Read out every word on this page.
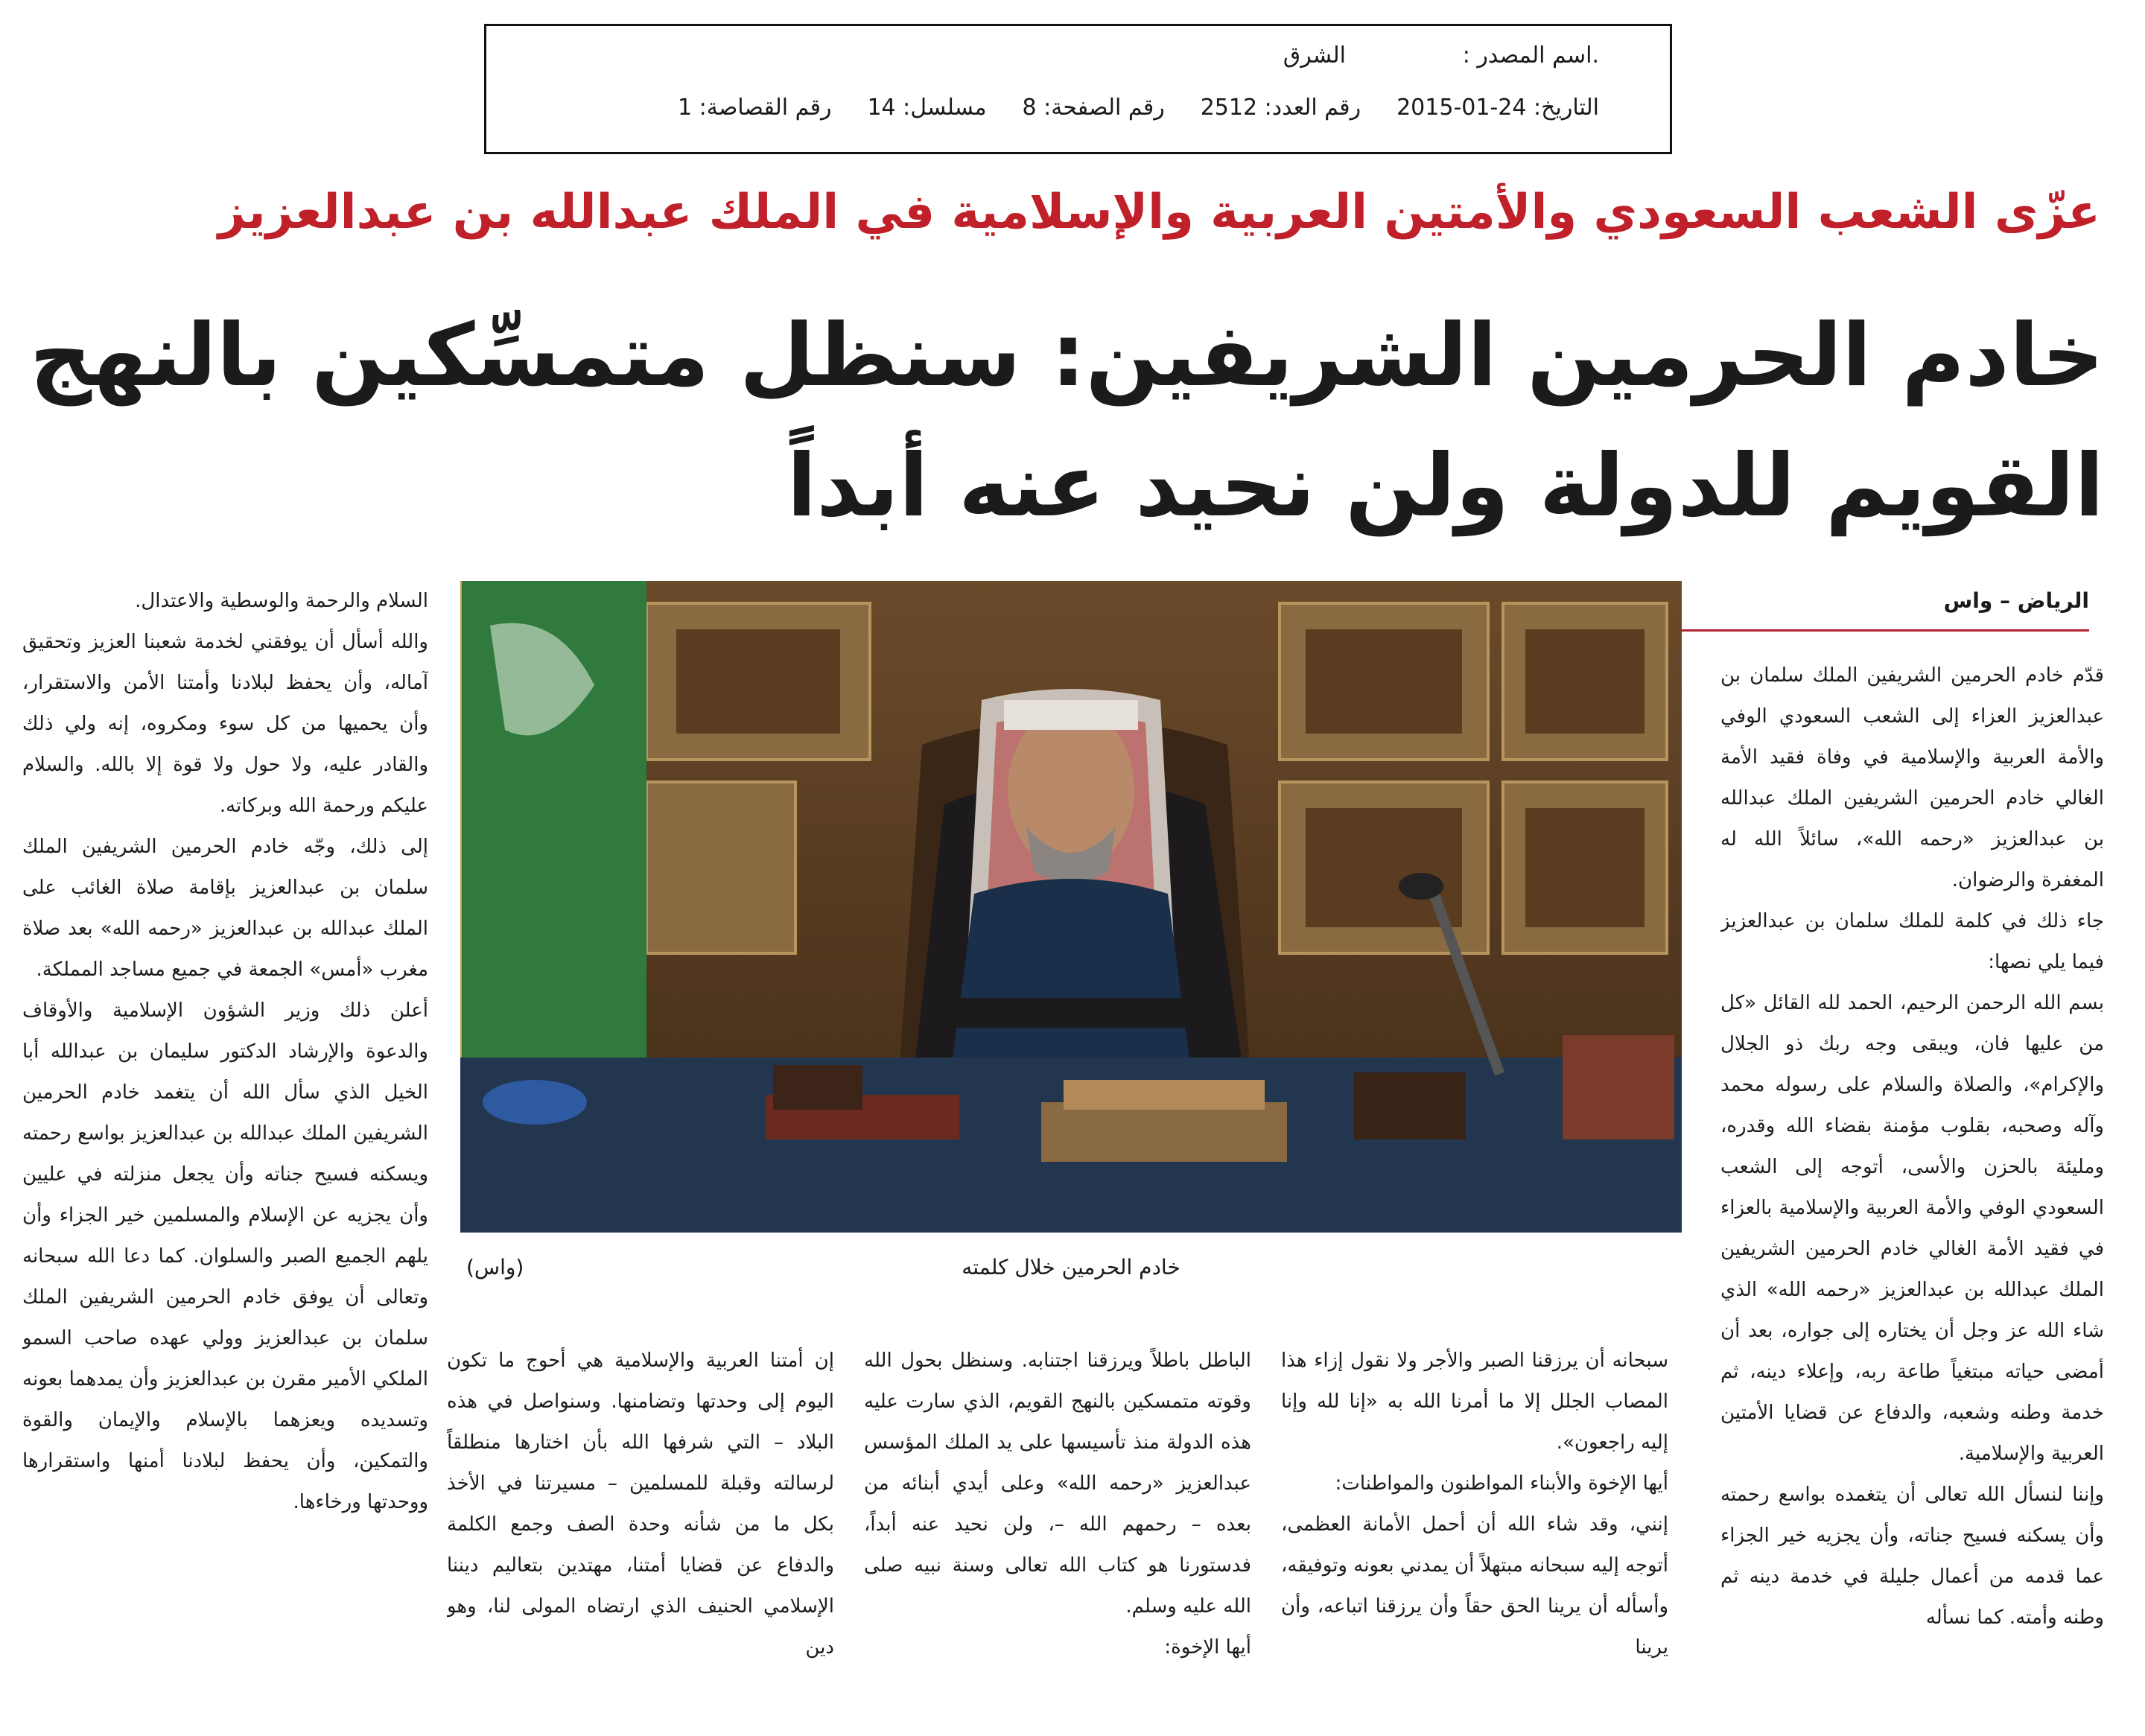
.اسم المصدر :
الشرق
التاريخ: 24-01-2015
رقم العدد: 2512
رقم الصفحة: 8
مسلسل: 14
رقم القصاصة: 1
عزّى الشعب السعودي والأمتين العربية والإسلامية في الملك عبدالله بن عبدالعزيز
خادم الحرمين الشريفين: سنظل متمسِّكين بالنهج
القويم للدولة ولن نحيد عنه أبداً
الرياض – واس

قدّم خادم الحرمين الشريفين الملك سلمان بن عبدالعزيز العزاء إلى الشعب السعودي الوفي والأمة العربية والإسلامية في وفاة فقيد الأمة الغالي خادم الحرمين الشريفين الملك عبدالله بن عبدالعزيز «رحمه الله»، سائلاً الله له المغفرة والرضوان.

جاء ذلك في كلمة للملك سلمان بن عبدالعزيز فيما يلي نصها:

بسم الله الرحمن الرحيم، الحمد لله القائل «كل من عليها فان، ويبقى وجه ربك ذو الجلال والإكرام»، والصلاة والسلام على رسوله محمد وآله وصحبه، بقلوب مؤمنة بقضاء الله وقدره، ومليئة بالحزن والأسى، أتوجه إلى الشعب السعودي الوفي والأمة العربية والإسلامية بالعزاء في فقيد الأمة الغالي خادم الحرمين الشريفين الملك عبدالله بن عبدالعزيز «رحمه الله» الذي شاء الله عز وجل أن يختاره إلى جواره، بعد أن أمضى حياته مبتغياً طاعة ربه، وإعلاء دينه، ثم خدمة وطنه وشعبه، والدفاع عن قضايا الأمتين العربية والإسلامية.

وإننا لنسأل الله تعالى أن يتغمده بواسع رحمته وأن يسكنه فسيح جناته، وأن يجزيه خير الجزاء عما قدمه من أعمال جليلة في خدمة دينه ثم وطنه وأمته. كما نسأله

خادم الحرمين خلال كلمته
(واس)

سبحانه أن يرزقنا الصبر والأجر ولا نقول إزاء هذا المصاب الجلل إلا ما أمرنا الله به «إنا لله وإنا إليه راجعون».

أيها الإخوة والأبناء المواطنون والمواطنات:

إنني، وقد شاء الله أن أحمل الأمانة العظمى، أتوجه إليه سبحانه مبتهلاً أن يمدني بعونه وتوفيقه، وأسأله أن يرينا الحق حقاً وأن يرزقنا اتباعه، وأن يرينا

الباطل باطلاً ويرزقنا اجتنابه. وسنظل بحول الله وقوته متمسكين بالنهج القويم، الذي سارت عليه هذه الدولة منذ تأسيسها على يد الملك المؤسس عبدالعزيز «رحمه الله» وعلى أيدي أبنائه من بعده – رحمهم الله –، ولن نحيد عنه أبداً، فدستورنا هو كتاب الله تعالى وسنة نبيه صلى الله عليه وسلم.

أيها الإخوة:

إن أمتنا العربية والإسلامية هي أحوج ما تكون اليوم إلى وحدتها وتضامنها. وسنواصل في هذه البلاد – التي شرفها الله بأن اختارها منطلقاً لرسالته وقبلة للمسلمين – مسيرتنا في الأخذ بكل ما من شأنه وحدة الصف وجمع الكلمة والدفاع عن قضايا أمتنا، مهتدين بتعاليم ديننا الإسلامي الحنيف الذي ارتضاه المولى لنا، وهو دين

السلام والرحمة والوسطية والاعتدال.

والله أسأل أن يوفقني لخدمة شعبنا العزيز وتحقيق آماله، وأن يحفظ لبلادنا وأمتنا الأمن والاستقرار، وأن يحميها من كل سوء ومكروه، إنه ولي ذلك والقادر عليه، ولا حول ولا قوة إلا بالله. والسلام عليكم ورحمة الله وبركاته.

إلى ذلك، وجّه خادم الحرمين الشريفين الملك سلمان بن عبدالعزيز بإقامة صلاة الغائب على الملك عبدالله بن عبدالعزيز «رحمه الله» بعد صلاة مغرب «أمس» الجمعة في جميع مساجد المملكة.

أعلن ذلك وزير الشؤون الإسلامية والأوقاف والدعوة والإرشاد الدكتور سليمان بن عبدالله أبا الخيل الذي سأل الله أن يتغمد خادم الحرمين الشريفين الملك عبدالله بن عبدالعزيز بواسع رحمته ويسكنه فسيح جناته وأن يجعل منزلته في عليين وأن يجزيه عن الإسلام والمسلمين خير الجزاء وأن يلهم الجميع الصبر والسلوان. كما دعا الله سبحانه وتعالى أن يوفق خادم الحرمين الشريفين الملك سلمان بن عبدالعزيز وولي عهده صاحب السمو الملكي الأمير مقرن بن عبدالعزيز وأن يمدهما بعونه وتسديده ويعزهما بالإسلام والإيمان والقوة والتمكين، وأن يحفظ لبلادنا أمنها واستقرارها ووحدتها ورخاءها.
